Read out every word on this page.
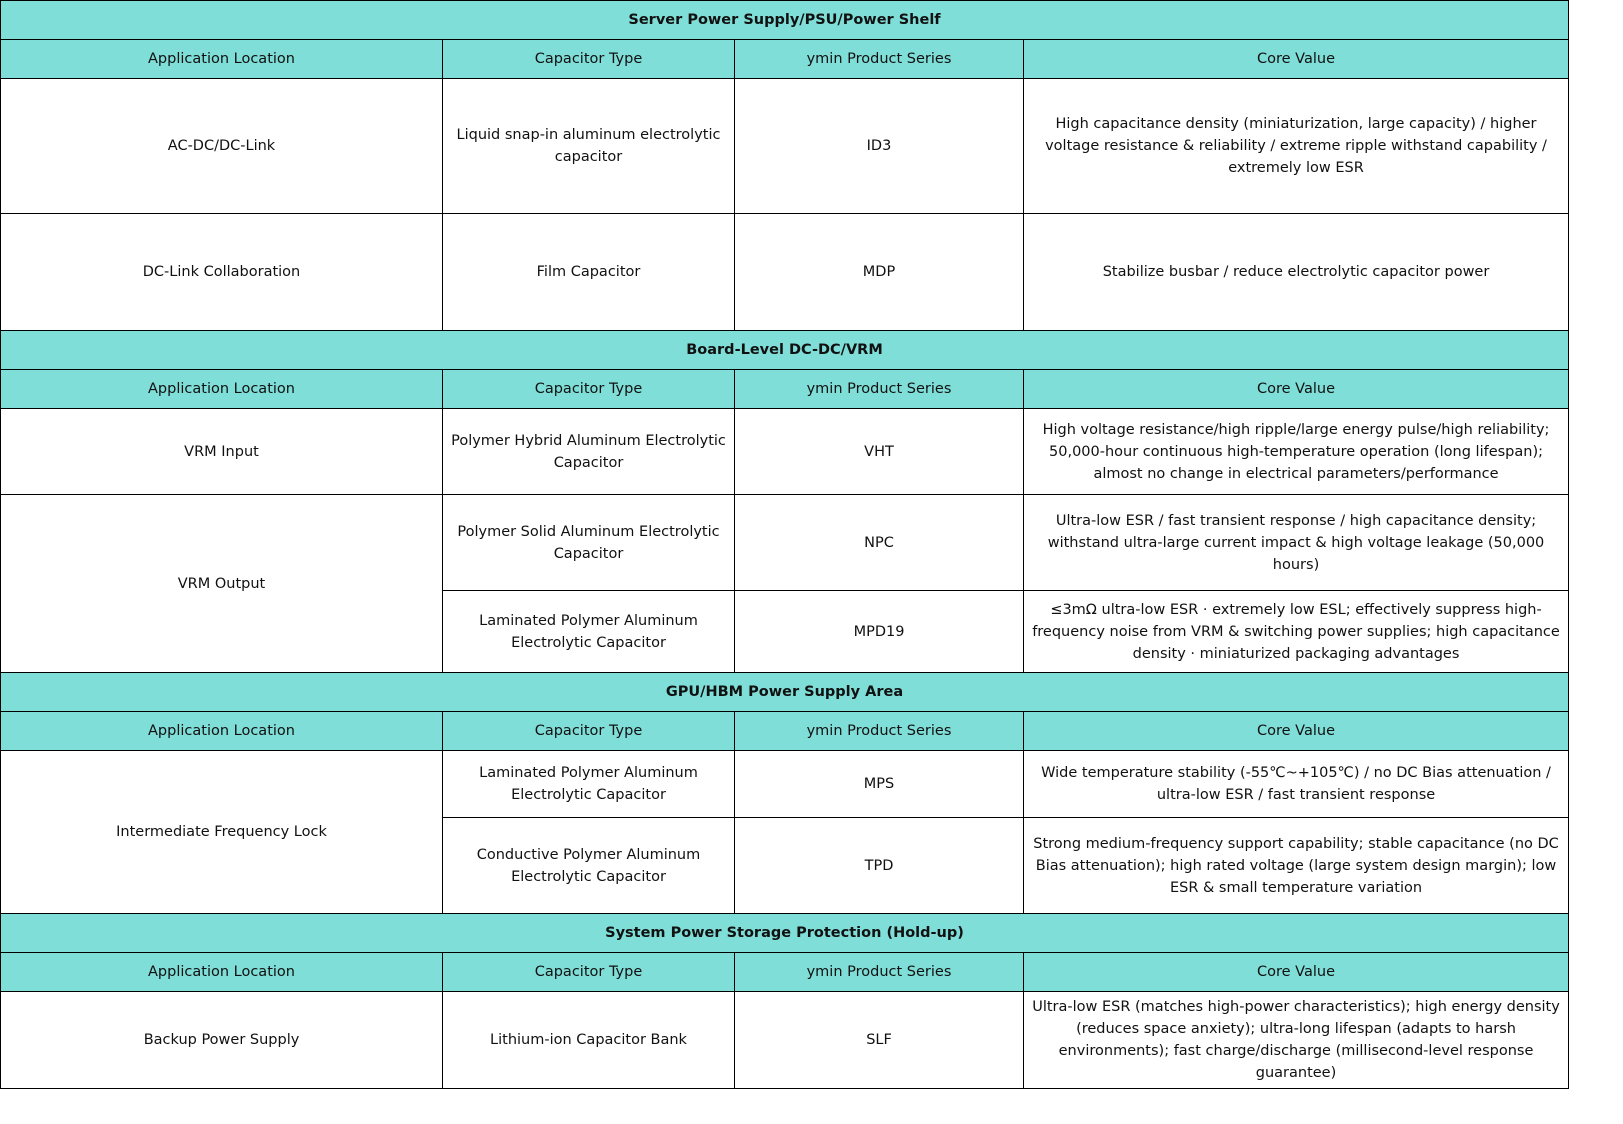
Server Power Supply/PSU/Power Shelf			
Application Location	Capacitor Type	ymin Product Series	Core Value
AC-DC/DC-Link	Liquid snap-in aluminum electrolytic capacitor	ID3	High capacitance density (miniaturization, large capacity) / higher voltage resistance & reliability / extreme ripple withstand capability / extremely low ESR
DC-Link Collaboration	Film Capacitor	MDP	Stabilize busbar / reduce electrolytic capacitor power
Board-Level DC-DC/VRM			
Application Location	Capacitor Type	ymin Product Series	Core Value
VRM Input	Polymer Hybrid Aluminum Electrolytic Capacitor	VHT	High voltage resistance/high ripple/large energy pulse/high reliability; 50,000-hour continuous high-temperature operation (long lifespan); almost no change in electrical parameters/performance
VRM Output	Polymer Solid Aluminum Electrolytic Capacitor	NPC	Ultra-low ESR / fast transient response / high capacitance density; withstand ultra-large current impact & high voltage leakage (50,000 hours)
	Laminated Polymer Aluminum Electrolytic Capacitor	MPD19	≤3mΩ ultra-low ESR · extremely low ESL; effectively suppress high-frequency noise from VRM & switching power supplies; high capacitance density · miniaturized packaging advantages
GPU/HBM Power Supply Area			
Application Location	Capacitor Type	ymin Product Series	Core Value
Intermediate Frequency Lock	Laminated Polymer Aluminum Electrolytic Capacitor	MPS	Wide temperature stability (-55℃~+105℃) / no DC Bias attenuation / ultra-low ESR / fast transient response
	Conductive Polymer Aluminum Electrolytic Capacitor	TPD	Strong medium-frequency support capability; stable capacitance (no DC Bias attenuation); high rated voltage (large system design margin); low ESR & small temperature variation
System Power Storage Protection (Hold-up)			
Application Location	Capacitor Type	ymin Product Series	Core Value
Backup Power Supply	Lithium-ion Capacitor Bank	SLF	Ultra-low ESR (matches high-power characteristics); high energy density (reduces space anxiety); ultra-long lifespan (adapts to harsh environments); fast charge/discharge (millisecond-level response guarantee)
